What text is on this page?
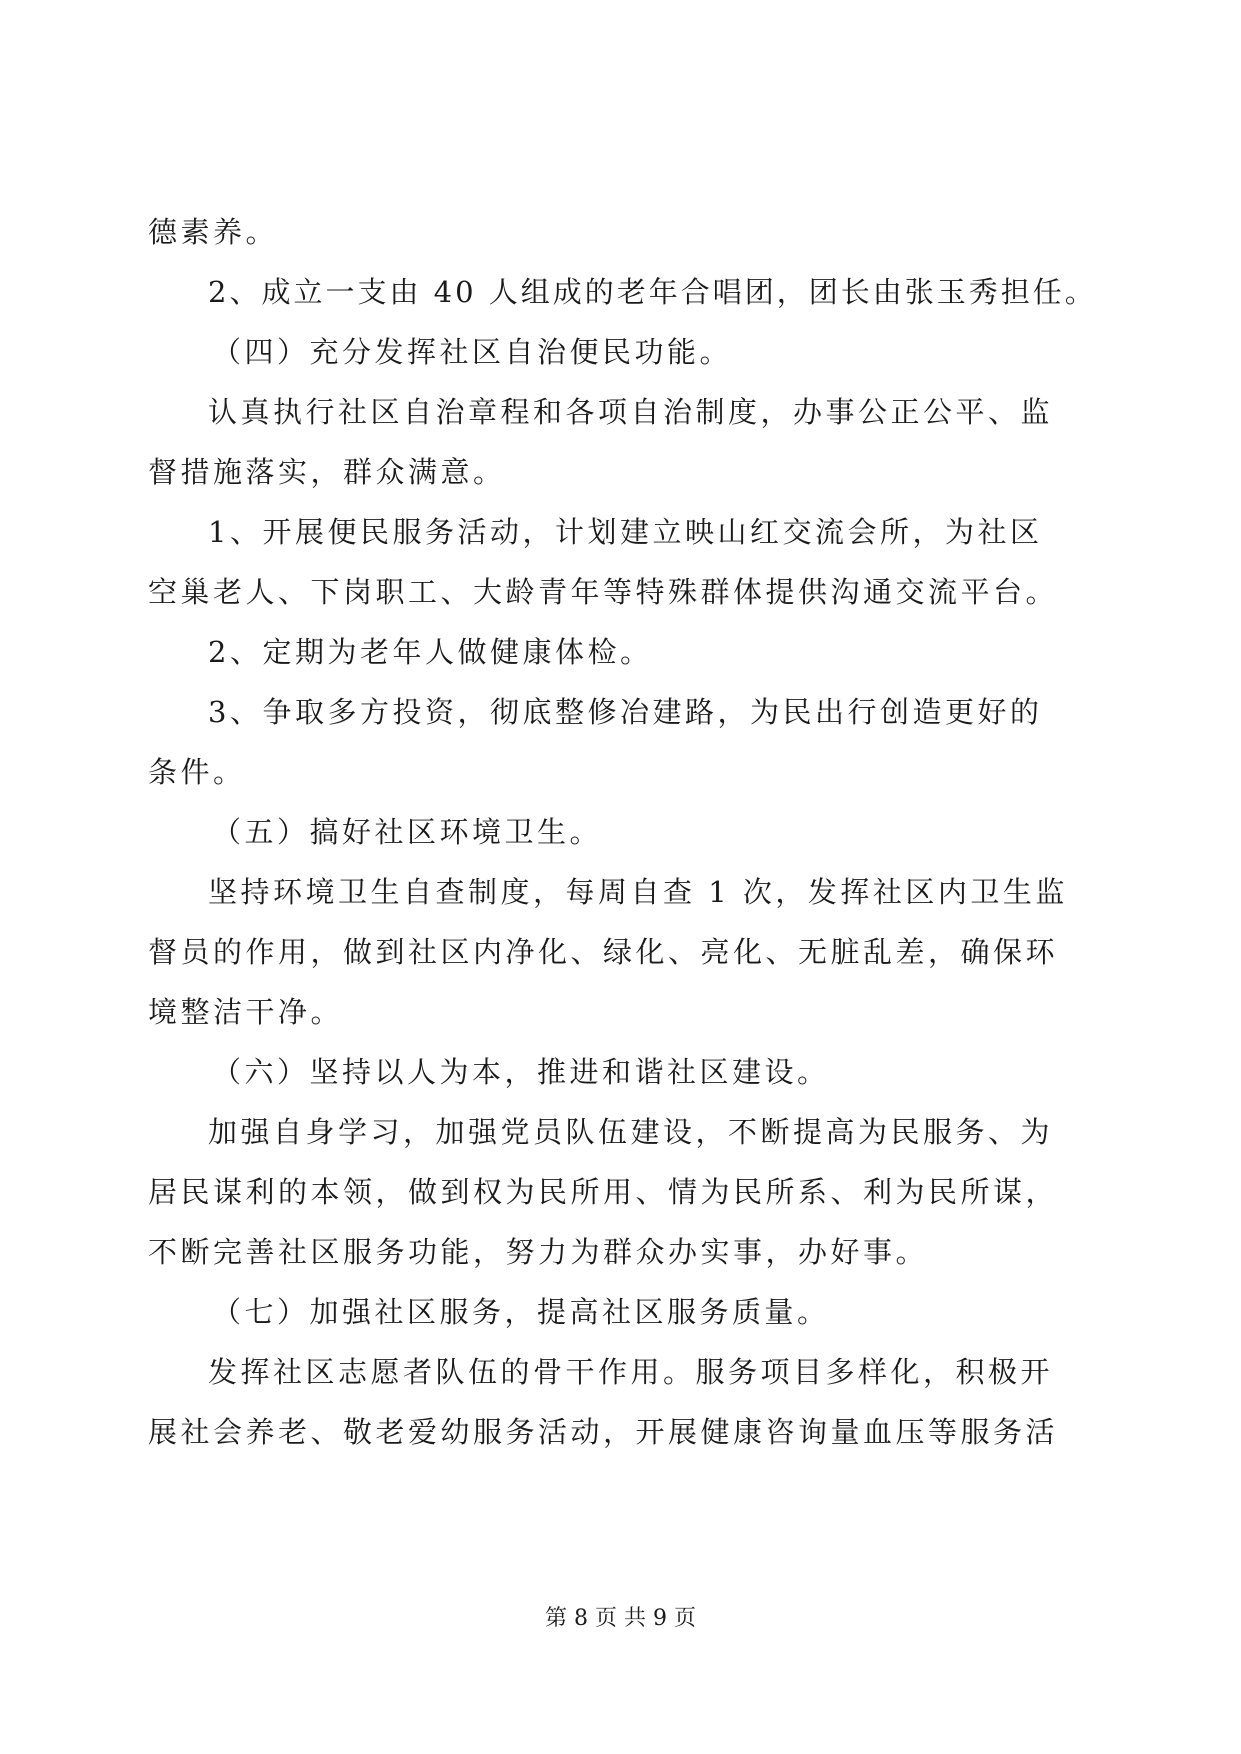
德素养。

2、成立一支由 40 人组成的老年合唱团，团长由张玉秀担任。

（四）充分发挥社区自治便民功能。

认真执行社区自治章程和各项自治制度，办事公正公平、监

督措施落实，群众满意。

1、开展便民服务活动，计划建立映山红交流会所，为社区

空巢老人、下岗职工、大龄青年等特殊群体提供沟通交流平台。

2、定期为老年人做健康体检。

3、争取多方投资，彻底整修冶建路，为民出行创造更好的

条件。

（五）搞好社区环境卫生。

坚持环境卫生自查制度，每周自查 1 次，发挥社区内卫生监

督员的作用，做到社区内净化、绿化、亮化、无脏乱差，确保环

境整洁干净。

（六）坚持以人为本，推进和谐社区建设。

加强自身学习，加强党员队伍建设，不断提高为民服务、为

居民谋利的本领，做到权为民所用、情为民所系、利为民所谋，

不断完善社区服务功能，努力为群众办实事，办好事。

（七）加强社区服务，提高社区服务质量。

发挥社区志愿者队伍的骨干作用。服务项目多样化，积极开

展社会养老、敬老爱幼服务活动，开展健康咨询量血压等服务活

第 8 页 共 9 页
